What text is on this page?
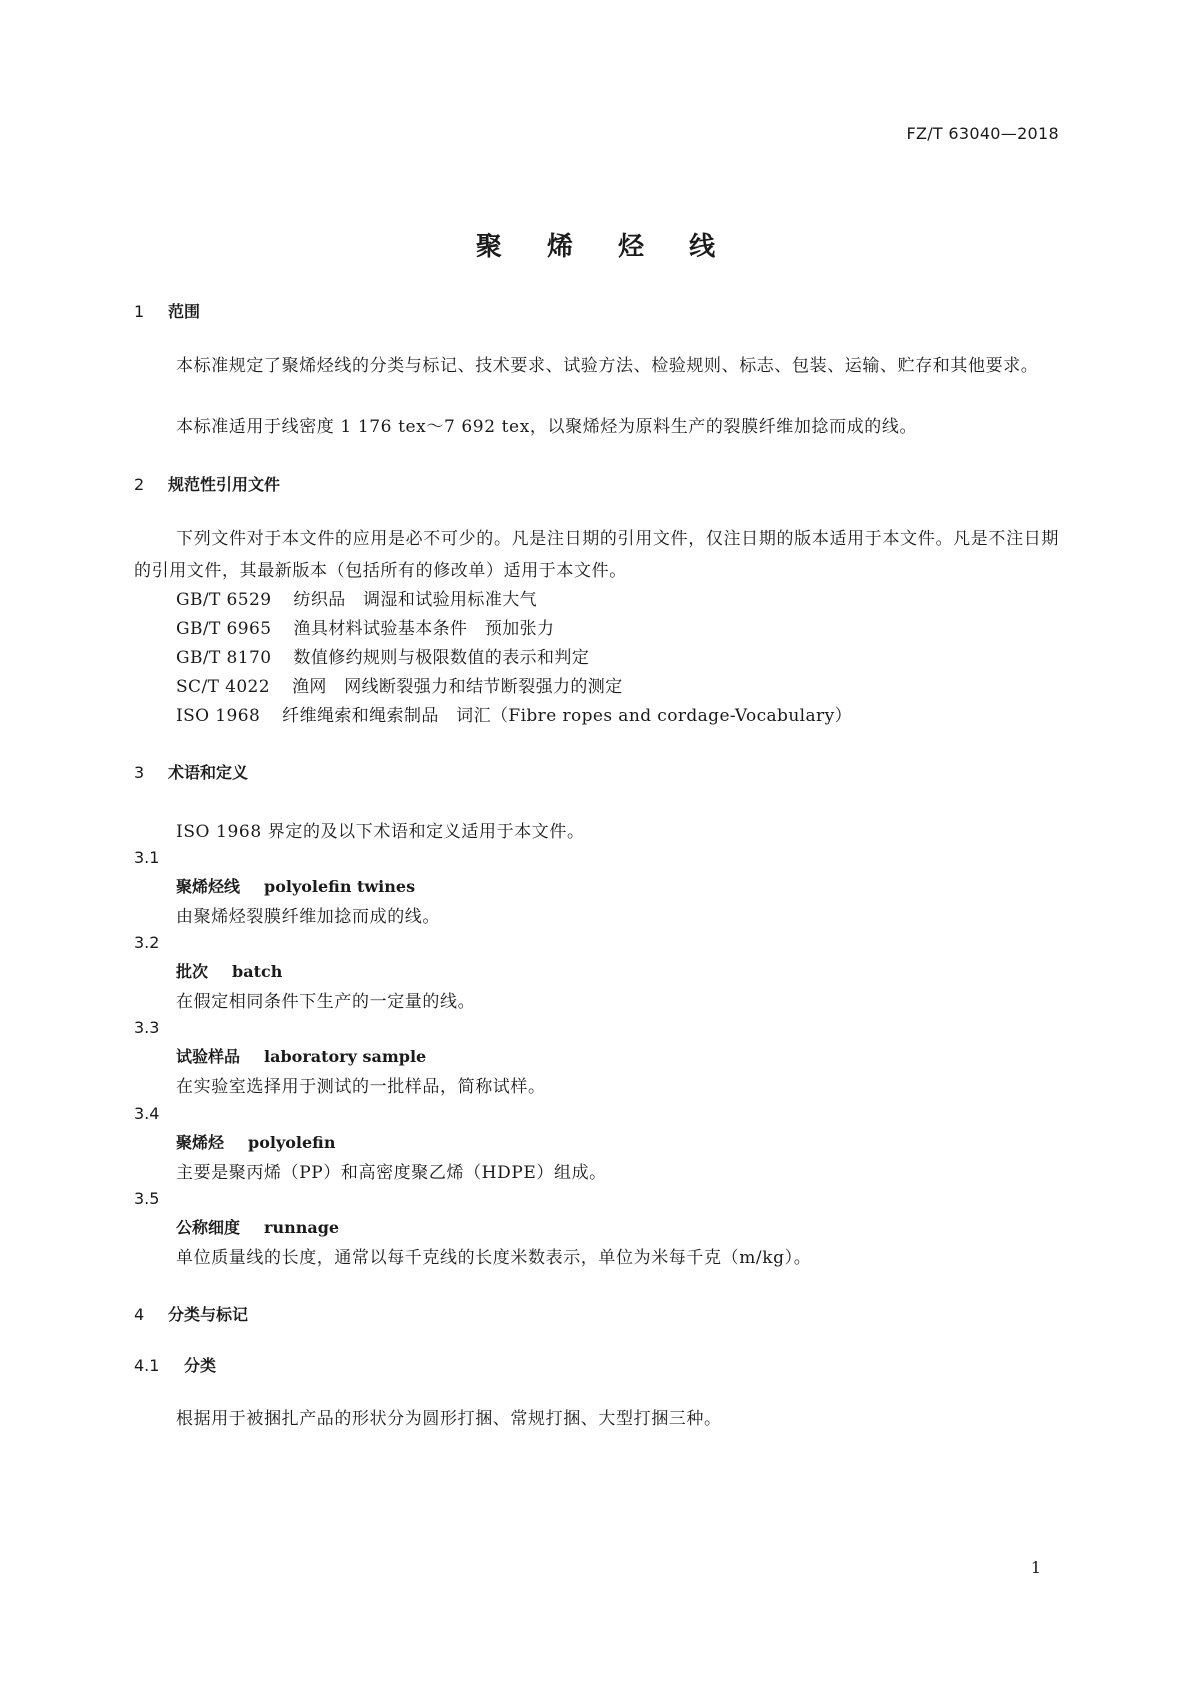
FZ/T 63040—2018
聚 烯 烃 线
1 范围
本标准规定了聚烯烃线的分类与标记、技术要求、试验方法、检验规则、标志、包装、运输、贮存和其他要求。
本标准适用于线密度 1 176 tex～7 692 tex，以聚烯烃为原料生产的裂膜纤维加捻而成的线。
2 规范性引用文件
下列文件对于本文件的应用是必不可少的。凡是注日期的引用文件，仅注日期的版本适用于本文件。凡是不注日期的引用文件，其最新版本（包括所有的修改单）适用于本文件。
GB/T 6529 纺织品　调湿和试验用标准大气
GB/T 6965 渔具材料试验基本条件　预加张力
GB/T 8170 数值修约规则与极限数值的表示和判定
SC/T 4022 渔网　网线断裂强力和结节断裂强力的测定
ISO 1968 纤维绳索和绳索制品　词汇（Fibre ropes and cordage-Vocabulary）
3 术语和定义
ISO 1968 界定的及以下术语和定义适用于本文件。
3.1
聚烯烃线 polyolefin twines
由聚烯烃裂膜纤维加捻而成的线。
3.2
批次 batch
在假定相同条件下生产的一定量的线。
3.3
试验样品 laboratory sample
在实验室选择用于测试的一批样品，简称试样。
3.4
聚烯烃 polyolefin
主要是聚丙烯（PP）和高密度聚乙烯（HDPE）组成。
3.5
公称细度 runnage
单位质量线的长度，通常以每千克线的长度米数表示，单位为米每千克（m/kg）。
4 分类与标记
4.1 分类
根据用于被捆扎产品的形状分为圆形打捆、常规打捆、大型打捆三种。
1
